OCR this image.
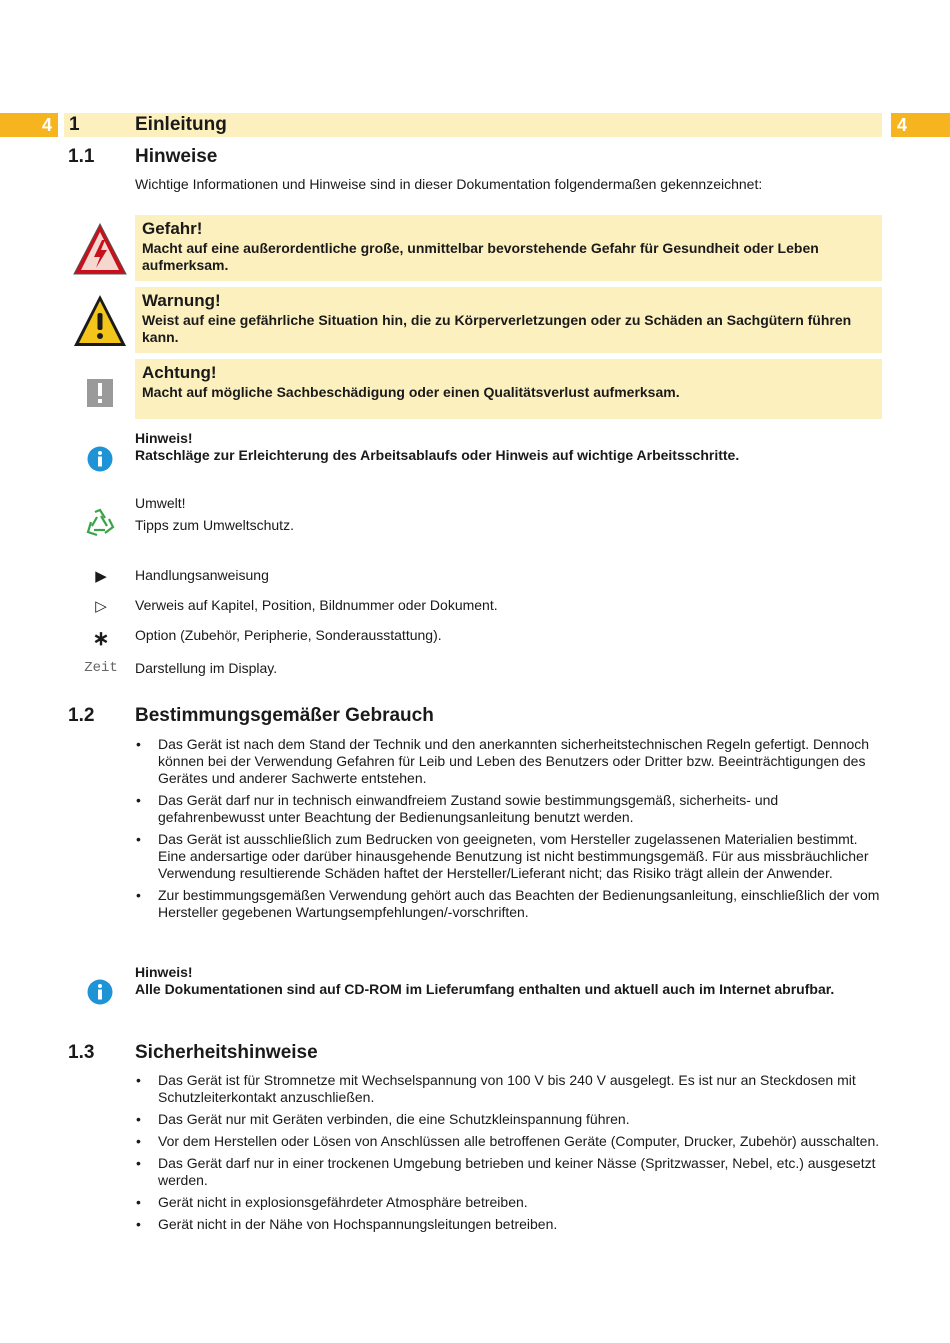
4 1	Einleitung	4
1.1 Hinweise
Wichtige Informationen und Hinweise sind in dieser Dokumentation folgendermaßen gekennzeichnet:
Gefahr!
Macht auf eine außerordentliche große, unmittelbar bevorstehende Gefahr für Gesundheit oder Leben aufmerksam.
Warnung!
Weist auf eine gefährliche Situation hin, die zu Körperverletzungen oder zu Schäden an Sachgütern führen kann.
Achtung!
Macht auf mögliche Sachbeschädigung oder einen Qualitätsverlust aufmerksam.
Hinweis!
Ratschläge zur Erleichterung des Arbeitsablaufs oder Hinweis auf wichtige Arbeitsschritte.
Umwelt!
Tipps zum Umweltschutz.
▶	Handlungsanweisung
▷	Verweis auf Kapitel, Position, Bildnummer oder Dokument.
∗	Option (Zubehör, Peripherie, Sonderausstattung).
Zeit	Darstellung im Display.
1.2 Bestimmungsgemäßer Gebrauch
• Das Gerät ist nach dem Stand der Technik und den anerkannten sicherheitstechnischen Regeln gefertigt. Dennoch können bei der Verwendung Gefahren für Leib und Leben des Benutzers oder Dritter bzw. Beeinträchtigungen des Gerätes und anderer Sachwerte entstehen.
• Das Gerät darf nur in technisch einwandfreiem Zustand sowie bestimmungsgemäß, sicherheits- und gefahrenbewusst unter Beachtung der Bedienungsanleitung benutzt werden.
• Das Gerät ist ausschließlich zum Bedrucken von geeigneten, vom Hersteller zugelassenen Materialien bestimmt. Eine andersartige oder darüber hinausgehende Benutzung ist nicht bestimmungsgemäß. Für aus missbräuchlicher Verwendung resultierende Schäden haftet der Hersteller/Lieferant nicht; das Risiko trägt allein der Anwender.
• Zur bestimmungsgemäßen Verwendung gehört auch das Beachten der Bedienungsanleitung, einschließlich der vom Hersteller gegebenen Wartungsempfehlungen/-vorschriften.
Hinweis!
Alle Dokumentationen sind auf CD-ROM im Lieferumfang enthalten und aktuell auch im Internet abrufbar.
1.3 Sicherheitshinweise
• Das Gerät ist für Stromnetze mit Wechselspannung von 100 V bis 240 V ausgelegt. Es ist nur an Steckdosen mit Schutzleiterkontakt anzuschließen.
• Das Gerät nur mit Geräten verbinden, die eine Schutzkleinspannung führen.
• Vor dem Herstellen oder Lösen von Anschlüssen alle betroffenen Geräte (Computer, Drucker, Zubehör) ausschalten.
• Das Gerät darf nur in einer trockenen Umgebung betrieben und keiner Nässe (Spritzwasser, Nebel, etc.) ausgesetzt werden.
• Gerät nicht in explosionsgefährdeter Atmosphäre betreiben.
• Gerät nicht in der Nähe von Hochspannungsleitungen betreiben.
